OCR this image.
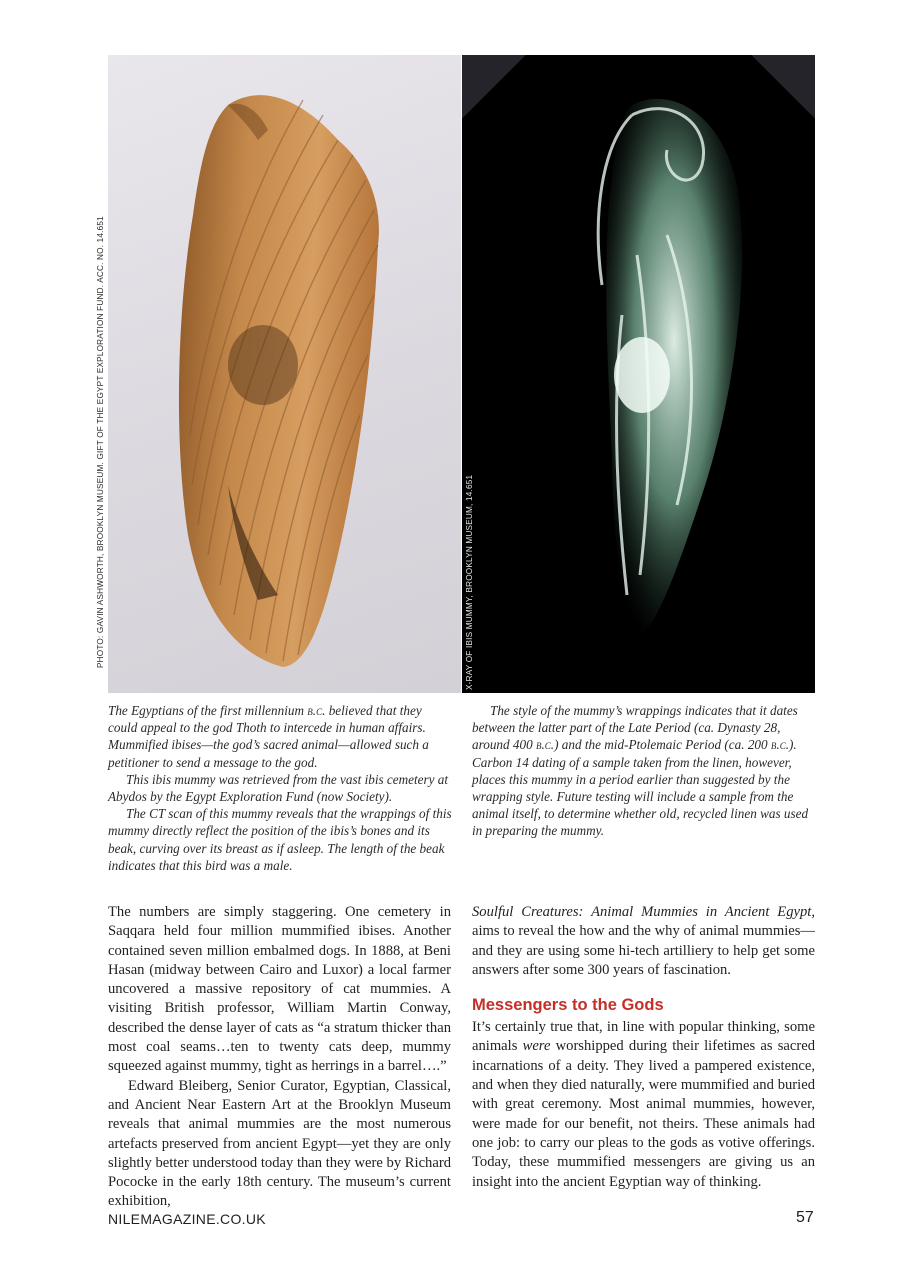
PHOTO: GAVIN ASHWORTH, BROOKLYN MUSEUM. GIFT OF THE EGYPT EXPLORATION FUND. ACC. NO. 14.651	X-RAY OF IBIS MUMMY, BROOKLYN MUSEUM, 14.651

The Egyptians of the first millennium b.c. believed that they could appeal to the god Thoth to intercede in human affairs. Mummified ibises—the god’s sacred animal—allowed such a petitioner to send a message to the god.

This ibis mummy was retrieved from the vast ibis cemetery at Abydos by the Egypt Exploration Fund (now Society).

The CT scan of this mummy reveals that the wrappings of this mummy directly reflect the position of the ibis’s bones and its beak, curving over its breast as if asleep. The length of the beak indicates that this bird was a male.

The style of the mummy’s wrappings indicates that it dates between the latter part of the Late Period (ca. Dynasty 28, around 400 b.c.) and the mid-Ptolemaic Period (ca. 200 b.c.). Carbon 14 dating of a sample taken from the linen, however, places this mummy in a period earlier than suggested by the wrapping style. Future testing will include a sample from the animal itself, to determine whether old, recycled linen was used in preparing the mummy.

The numbers are simply staggering. One cemetery in Saqqara held four million mummified ibises. Another contained seven million embalmed dogs. In 1888, at Beni Hasan (midway between Cairo and Luxor) a local farmer uncovered a massive repository of cat mummies. A visiting British professor, William Martin Conway, described the dense layer of cats as “a stratum thicker than most coal seams…ten to twenty cats deep, mummy squeezed against mummy, tight as herrings in a barrel….”

Edward Bleiberg, Senior Curator, Egyptian, Classical, and Ancient Near Eastern Art at the Brooklyn Museum reveals that animal mummies are the most numerous artefacts preserved from ancient Egypt—yet they are only slightly better understood today than they were by Richard Pococke in the early 18th century. The museum’s current exhibition,

Soulful Creatures: Animal Mummies in Ancient Egypt, aims to reveal the how and the why of animal mummies—and they are using some hi-tech artilliery to help get some answers after some 300 years of fascination.

Messengers to the Gods

It’s certainly true that, in line with popular thinking, some animals were worshipped during their lifetimes as sacred incarnations of a deity. They lived a pampered existence, and when they died naturally, were mummified and buried with great ceremony. Most animal mummies, however, were made for our benefit, not theirs. These animals had one job: to carry our pleas to the gods as votive offerings. Today, these mummified messengers are giving us an insight into the ancient Egyptian way of thinking.

NILEMAGAZINE.CO.UK	57
